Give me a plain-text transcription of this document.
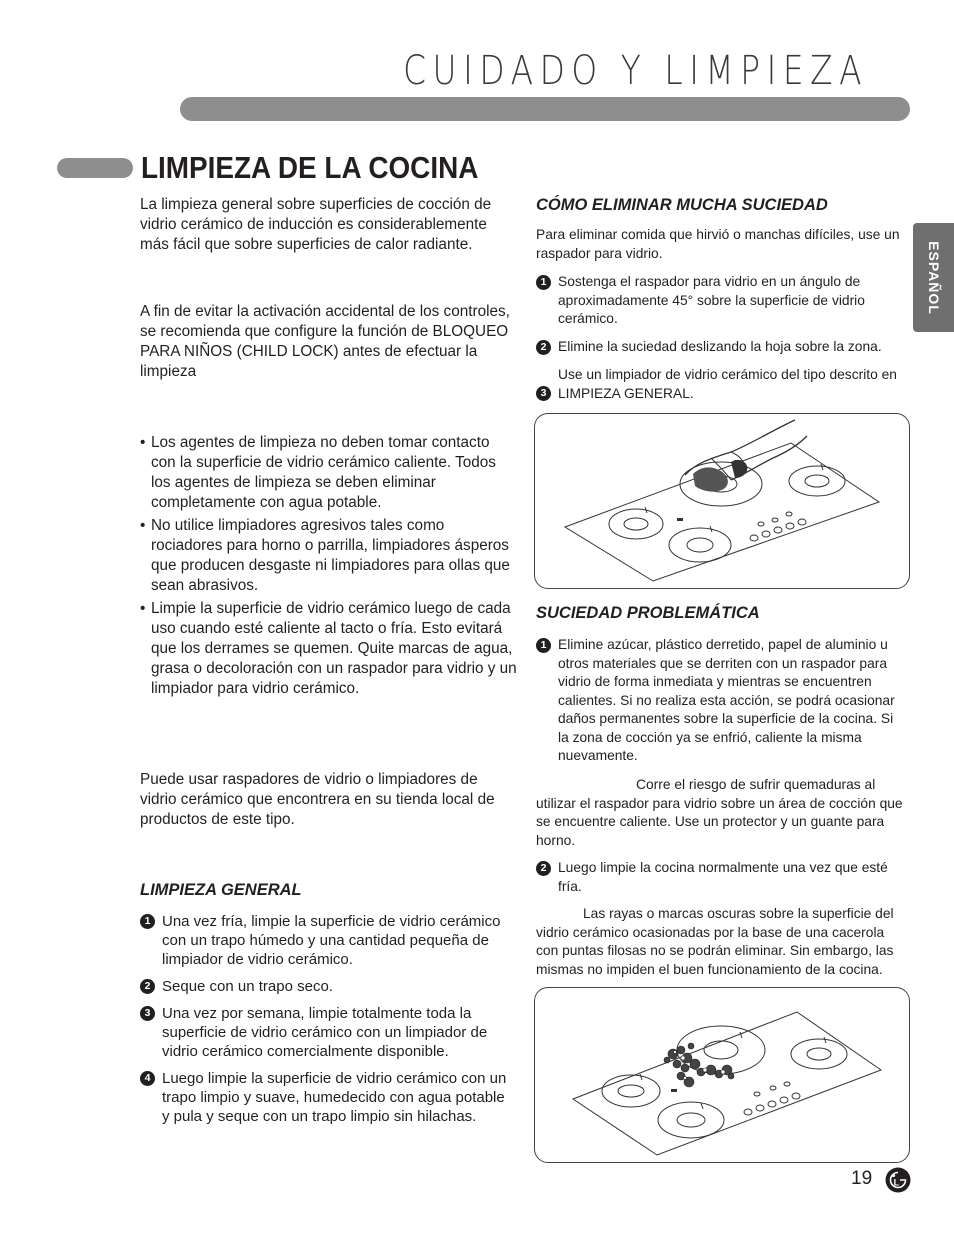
CUIDADO Y LIMPIEZA
LIMPIEZA DE LA COCINA
ESPAÑOL

La limpieza general sobre superficies de cocción de vidrio cerámico de inducción es considerablemente más fácil que sobre superficies de calor radiante.

A fin de evitar la activación accidental de los controles, se recomienda que configure la función de BLOQUEO PARA NIÑOS (CHILD LOCK) antes de efectuar la limpieza

• Los agentes de limpieza no deben tomar contacto con la superficie de vidrio cerámico caliente. Todos los agentes de limpieza se deben eliminar completamente con agua potable.
• No utilice limpiadores agresivos tales como rociadores para horno o parrilla, limpiadores ásperos que producen desgaste ni limpiadores para ollas que sean abrasivos.
• Limpie la superficie de vidrio cerámico luego de cada uso cuando esté caliente al tacto o fría. Esto evitará que los derrames se quemen. Quite marcas de agua, grasa o decoloración con un raspador para vidrio y un limpiador para vidrio cerámico.

Puede usar raspadores de vidrio o limpiadores de vidrio cerámico que encontrera en su tienda local de productos de este tipo.

LIMPIEZA GENERAL
1 Una vez fría, limpie la superficie de vidrio cerámico con un trapo húmedo y una cantidad pequeña de limpiador de vidrio cerámico.
2 Seque con un trapo seco.
3 Una vez por semana, limpie totalmente toda la superficie de vidrio cerámico con un limpiador de vidrio cerámico comercialmente disponible.
4 Luego limpie la superficie de vidrio cerámico con un trapo limpio y suave, humedecido con agua potable y pula y seque con un trapo limpio sin hilachas.
CÓMO ELIMINAR MUCHA SUCIEDAD
Para eliminar comida que hirvió o manchas difíciles, use un raspador para vidrio.
1 Sostenga el raspador para vidrio en un ángulo de aproximadamente 45° sobre la superficie de vidrio cerámico.
2 Elimine la suciedad deslizando la hoja sobre la zona.
3
Use un limpiador de vidrio cerámico del tipo descrito en LIMPIEZA GENERAL.
SUCIEDAD PROBLEMÁTICA
1 Elimine azúcar, plástico derretido, papel de aluminio u otros materiales que se derriten con un raspador para vidrio de forma inmediata y mientras se encuentren calientes. Si no realiza esta acción, se podrá ocasionar daños permanentes sobre la superficie de la cocina. Si la zona de cocción ya se enfrió, caliente la misma nuevamente.
Corre el riesgo de sufrir quemaduras al utilizar el raspador para vidrio sobre un área de cocción que se encuentre caliente. Use un protector y un guante para horno.
2 Luego limpie la cocina normalmente una vez que esté fría.
Las rayas o marcas oscuras sobre la superficie del vidrio cerámico ocasionadas por la base de una cacerola con puntas filosas no se podrán eliminar. Sin embargo, las mismas no impiden el buen funcionamiento de la cocina.
19 L
